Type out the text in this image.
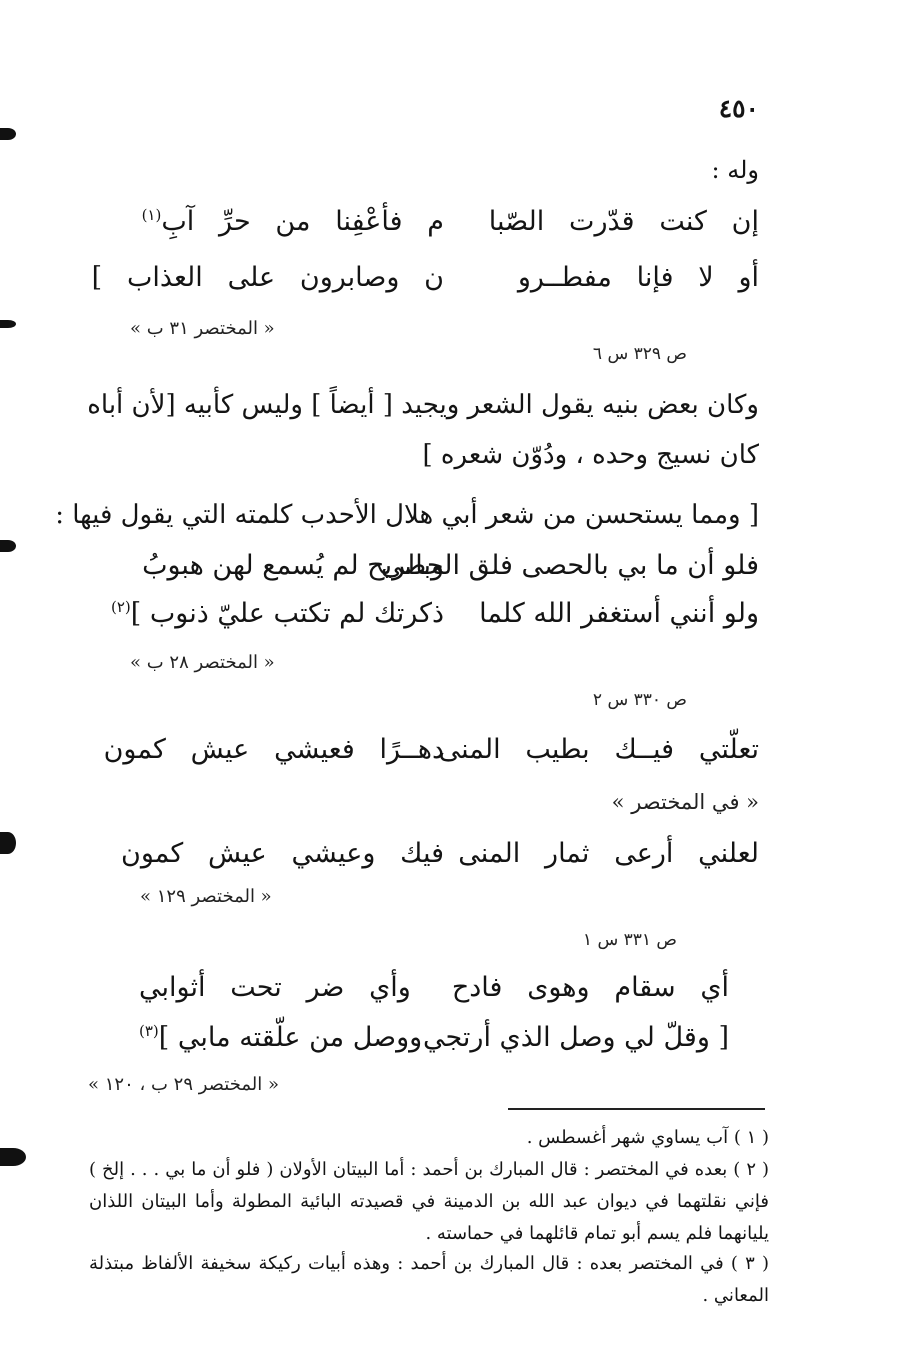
٤٥٠
وله :
إن كنت قدّرت الصّبا
م فأعْفِنا من حرِّ آبِ$^{(١)}$
أو لا فإنا مفطــرو
ن وصابرون على العذاب ]
« المختصر ٣١ ب »
ص ٣٢٩ س ٦
وكان بعض بنيه يقول الشعر ويجيد [ أيضاً ] وليس كأبيه [لأن أباه
كان نسيج وحده ، ودُوّن شعره ]
[ ومما يستحسن من شعر أبي هلال الأحدب كلمته التي يقول فيها :
فلو أن ما بي بالحصى فلق الحصى
وبالريح لم يُسمع لهن هبوبُ
ولو أنني أستغفر الله كلما
ذكرتك لم تكتب عليّ ذنوب ]$^{(٢)}$
« المختصر ٢٨ ب »
ص ٣٣٠ س ٢
تعلّتي فيــك بطيب المنى
دهــرًا فعيشي عيش كمون
« في المختصر »
لعلني أرعى ثمار المنى
فيك وعيشي عيش كمون
« المختصر ١٢٩ »
ص ٣٣١ س ١
أي سقام وهوى فادح
وأي ضر تحت أثوابي
[ وقلّ لي وصل الذي أرتجي
ووصل من علّقته مابي ]$^{(٣)}$
« المختصر ٢٩ ب ، ١٢٠ »
( ١ ) آب يساوي شهر أغسطس .
( ٢ ) بعده في المختصر : قال المبارك بن أحمد : أما البيتان الأولان ( فلو أن ما بي . . . إلخ ) فإني نقلتهما في ديوان عبد الله بن الدمينة في قصيدته البائية المطولة وأما البيتان اللذان يليانهما فلم يسم أبو تمام قائلهما في حماسته .
( ٣ ) في المختصر بعده : قال المبارك بن أحمد : وهذه أبيات ركيكة سخيفة الألفاظ مبتذلة المعاني .
